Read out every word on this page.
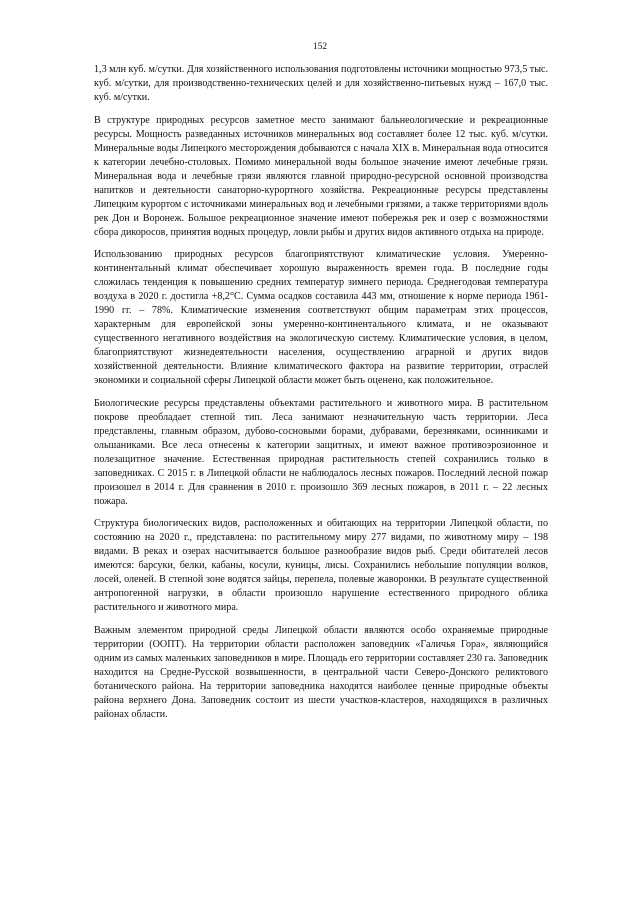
152

1,3 млн куб. м/сутки. Для хозяйственного использования подготовлены источники мощностью 973,5 тыс. куб. м/сутки, для производственно-технических целей и для хозяйственно-питьевых нужд – 167,0 тыс. куб. м/сутки.

В структуре природных ресурсов заметное место занимают бальнеологические и рекреационные ресурсы. Мощность разведанных источников минеральных вод составляет более 12 тыс. куб. м/сутки. Минеральные воды Липецкого месторождения добываются с начала XIX в. Минеральная вода относится к категории лечебно-столовых. Помимо минеральной воды большое значение имеют лечебные грязи. Минеральная вода и лечебные грязи являются главной природно-ресурсной основной производства напитков и деятельности санаторно-курортного хозяйства. Рекреационные ресурсы представлены Липецким курортом с источниками минеральных вод и лечебными грязями, а также территориями вдоль рек Дон и Воронеж. Большое рекреационное значение имеют побережья рек и озер с возможностями сбора дикоросов, принятия водных процедур, ловли рыбы и других видов активного отдыха на природе.

Использованию природных ресурсов благоприятствуют климатические условия. Умеренно-континентальный климат обеспечивает хорошую выраженность времен года. В последние годы сложилась тенденция к повышению средних температур зимнего периода. Среднегодовая температура воздуха в 2020 г. достигла +8,2°С. Сумма осадков составила 443 мм, отношение к норме периода 1961-1990 гг. – 78%. Климатические изменения соответствуют общим параметрам этих процессов, характерным для европейской зоны умеренно-континентального климата, и не оказывают существенного негативного воздействия на экологическую систему. Климатические условия, в целом, благоприятствуют жизнедеятельности населения, осуществлению аграрной и других видов хозяйственной деятельности. Влияние климатического фактора на развитие территории, отраслей экономики и социальной сферы Липецкой области может быть оценено, как положительное.

Биологические ресурсы представлены объектами растительного и животного мира. В растительном покрове преобладает степной тип. Леса занимают незначительную часть территории. Леса представлены, главным образом, дубово-сосновыми борами, дубравами, березняками, осинниками и ольшаниками. Все леса отнесены к категории защитных, и имеют важное противоэрозионное и полезащитное значение. Естественная природная растительность степей сохранились только в заповедниках. С 2015 г. в Липецкой области не наблюдалось лесных пожаров. Последний лесной пожар произошел в 2014 г. Для сравнения в 2010 г. произошло 369 лесных пожаров, в 2011 г. – 22 лесных пожара.

Структура биологических видов, расположенных и обитающих на территории Липецкой области, по состоянию на 2020 г., представлена: по растительному миру 277 видами, по животному миру – 198 видами. В реках и озерах насчитывается большое разнообразие видов рыб. Среди обитателей лесов имеются: барсуки, белки, кабаны, косули, куницы, лисы. Сохранились небольшие популяции волков, лосей, оленей. В степной зоне водятся зайцы, перепела, полевые жаворонки. В результате существенной антропогенной нагрузки, в области произошло нарушение естественного природного облика растительного и животного мира.

Важным элементом природной среды Липецкой области являются особо охраняемые природные территории (ООПТ). На территории области расположен заповедник «Галичья Гора», являющийся одним из самых маленьких заповедников в мире. Площадь его территории составляет 230 га. Заповедник находится на Средне-Русской возвышенности, в центральной части Северо-Донского реликтового ботанического района. На территории заповедника находятся наиболее ценные природные объекты района верхнего Дона. Заповедник состоит из шести участков-кластеров, находящихся в различных районах области.
